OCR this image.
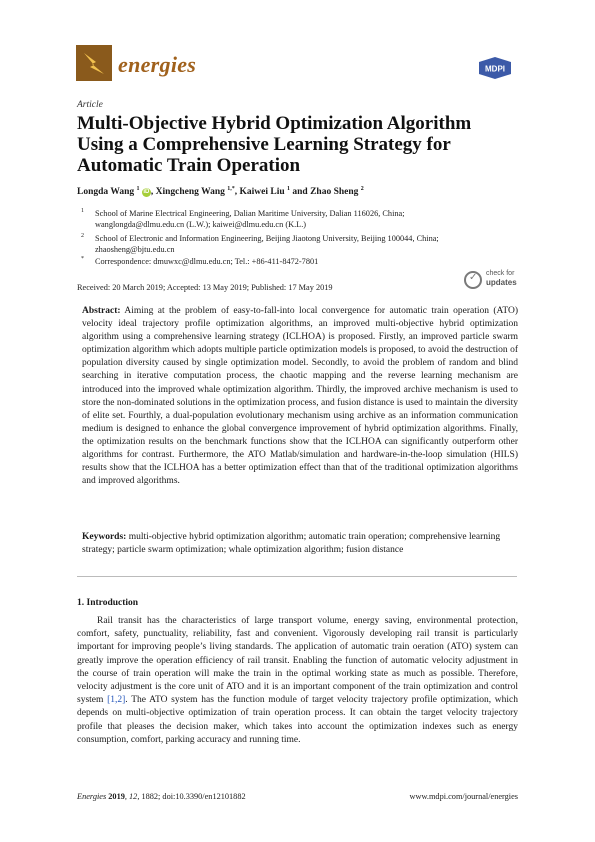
energies	MDPI
Article
Multi-Objective Hybrid Optimization Algorithm Using a Comprehensive Learning Strategy for Automatic Train Operation
Longda Wang $^1$ iD , Xingcheng Wang $^{1,*}$, Kaiwei Liu $^1$ and Zhao Sheng $^2$
1 School of Marine Electrical Engineering, Dalian Maritime University, Dalian 116026, China;
wanglongda@dlmu.edu.cn (L.W.); kaiwei@dlmu.edu.cn (K.L.)
2 School of Electronic and Information Engineering, Beijing Jiaotong University, Beijing 100044, China;
zhaosheng@bjtu.edu.cn
* Correspondence: dmuwxc@dlmu.edu.cn; Tel.: +86-411-8472-7801
Received: 20 March 2019; Accepted: 13 May 2019; Published: 17 May 2019
✓ check for
updates

Abstract: Aiming at the problem of easy-to-fall-into local convergence for automatic train operation (ATO) velocity ideal trajectory profile optimization algorithms, an improved multi-objective hybrid optimization algorithm using a comprehensive learning strategy (ICLHOA) is proposed. Firstly, an improved particle swarm optimization algorithm which adopts multiple particle optimization models is proposed, to avoid the destruction of population diversity caused by single optimization model. Secondly, to avoid the problem of random and blind searching in iterative computation process, the chaotic mapping and the reverse learning mechanism are introduced into the improved whale optimization algorithm. Thirdly, the improved archive mechanism is used to store the non-dominated solutions in the optimization process, and fusion distance is used to maintain the diversity of elite set. Fourthly, a dual-population evolutionary mechanism using archive as an information communication medium is designed to enhance the global convergence improvement of hybrid optimization algorithms. Finally, the optimization results on the benchmark functions show that the ICLHOA can significantly outperform other algorithms for contrast. Furthermore, the ATO Matlab/simulation and hardware-in-the-loop simulation (HILS) results show that the ICLHOA has a better optimization effect than that of the traditional optimization algorithms and improved algorithms.

Keywords: multi-objective hybrid optimization algorithm; automatic train operation; comprehensive learning strategy; particle swarm optimization; whale optimization algorithm; fusion distance

1. Introduction

Rail transit has the characteristics of large transport volume, energy saving, environmental protection, comfort, safety, punctuality, reliability, fast and convenient. Vigorously developing rail transit is particularly important for improving people’s living standards. The application of automatic train oeration (ATO) system can greatly improve the operation efficiency of rail transit. Enabling the function of automatic velocity adjustment in the course of train operation will make the train in the optimal working state as much as possible. Therefore, velocity adjustment is the core unit of ATO and it is an important component of the train optimization and control system [1,2]. The ATO system has the function module of target velocity trajectory profile optimization, which depends on multi-objective optimization of train operation process. It can obtain the target velocity trajectory profile that pleases the decision maker, which takes into account the optimization indexes such as energy consumption, comfort, parking accuracy and running time.

Energies 2019, 12, 1882; doi:10.3390/en12101882	www.mdpi.com/journal/energies
